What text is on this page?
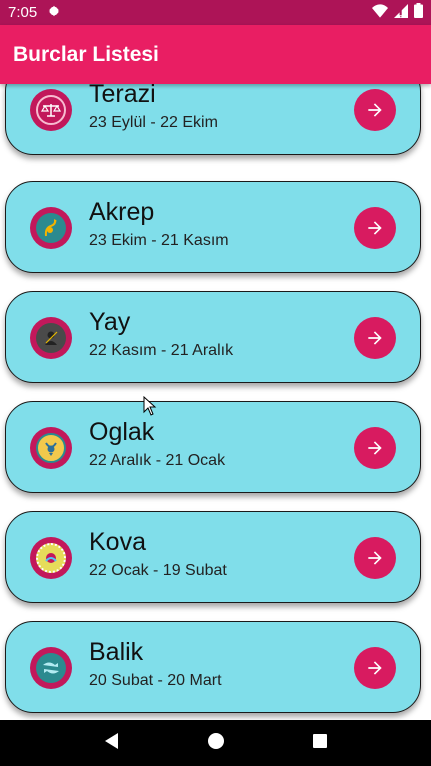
7:05
Burclar Listesi
Terazi
23 Eylül - 22 Ekim
Akrep
23 Ekim - 21 Kasım
Yay
22 Kasım - 21 Aralık
Oglak
22 Aralık - 21 Ocak
Kova
22 Ocak - 19 Subat
Balik
20 Subat - 20 Mart
